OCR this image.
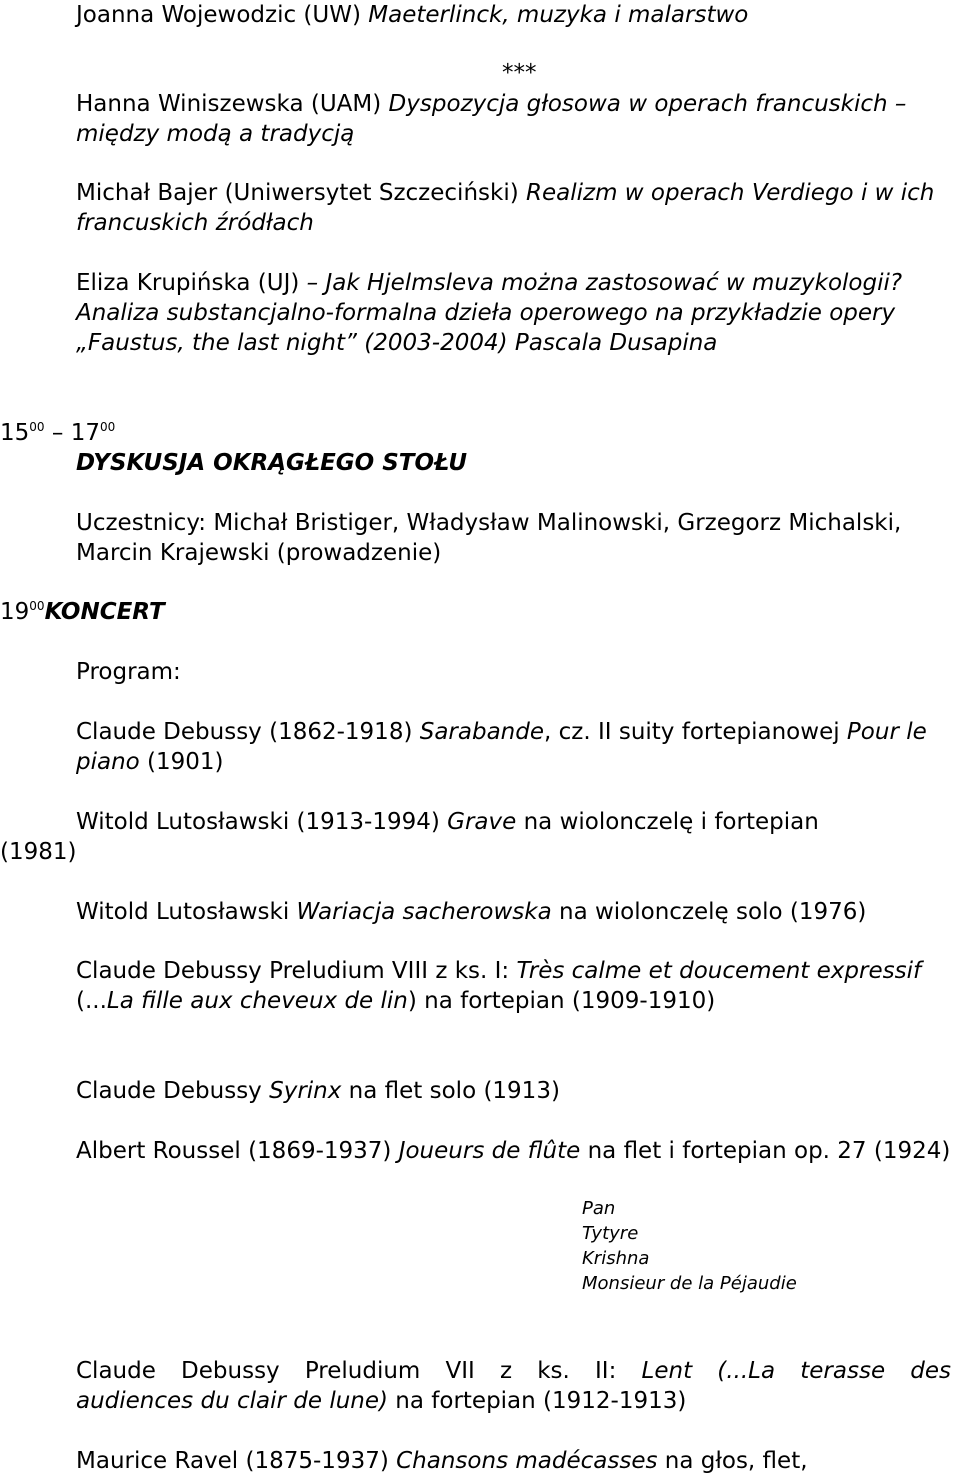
Joanna Wojewodzic (UW) Maeterlinck, muzyka i malarstwo
***
Hanna Winiszewska (UAM) Dyspozycja głosowa w operach francuskich – między modą a tradycją
Michał Bajer (Uniwersytet Szczeciński) Realizm w operach Verdiego i w ich francuskich źródłach
Eliza Krupińska (UJ) – Jak Hjelmsleva można zastosować w muzykologii? Analiza substancjalno-formalna dzieła operowego na przykładzie opery „Faustus, the last night” (2003-2004) Pascala Dusapina
$15^{00} - 17^{00}$
DYSKUSJA OKRĄGŁEGO STOŁU
Uczestnicy: Michał Bristiger, Władysław Malinowski, Grzegorz Michalski, Marcin Krajewski (prowadzenie)
$19^{00}KONCERT$
Program:
Claude Debussy (1862-1918) Sarabande, cz. II suity fortepianowej Pour le piano (1901)
Witold Lutosławski (1913-1994) Grave na wiolonczelę i fortepian
(1981)
Witold Lutosławski Wariacja sacherowska na wiolonczelę solo (1976)
Claude Debussy Preludium VIII z ks. I: Très calme et doucement expressif
(...La fille aux cheveux de lin) na fortepian (1909-1910)
Claude Debussy Syrinx na flet solo (1913)
Albert Roussel (1869-1937) Joueurs de flûte na flet i fortepian op. 27 (1924)
Pan
Tytyre
Krishna
Monsieur de la Péjaudie
Claude Debussy Preludium VII z ks. II: Lent (...La terasse des
audiences du clair de lune) na fortepian (1912-1913)
Maurice Ravel (1875-1937) Chansons madécasses na głos, flet,
